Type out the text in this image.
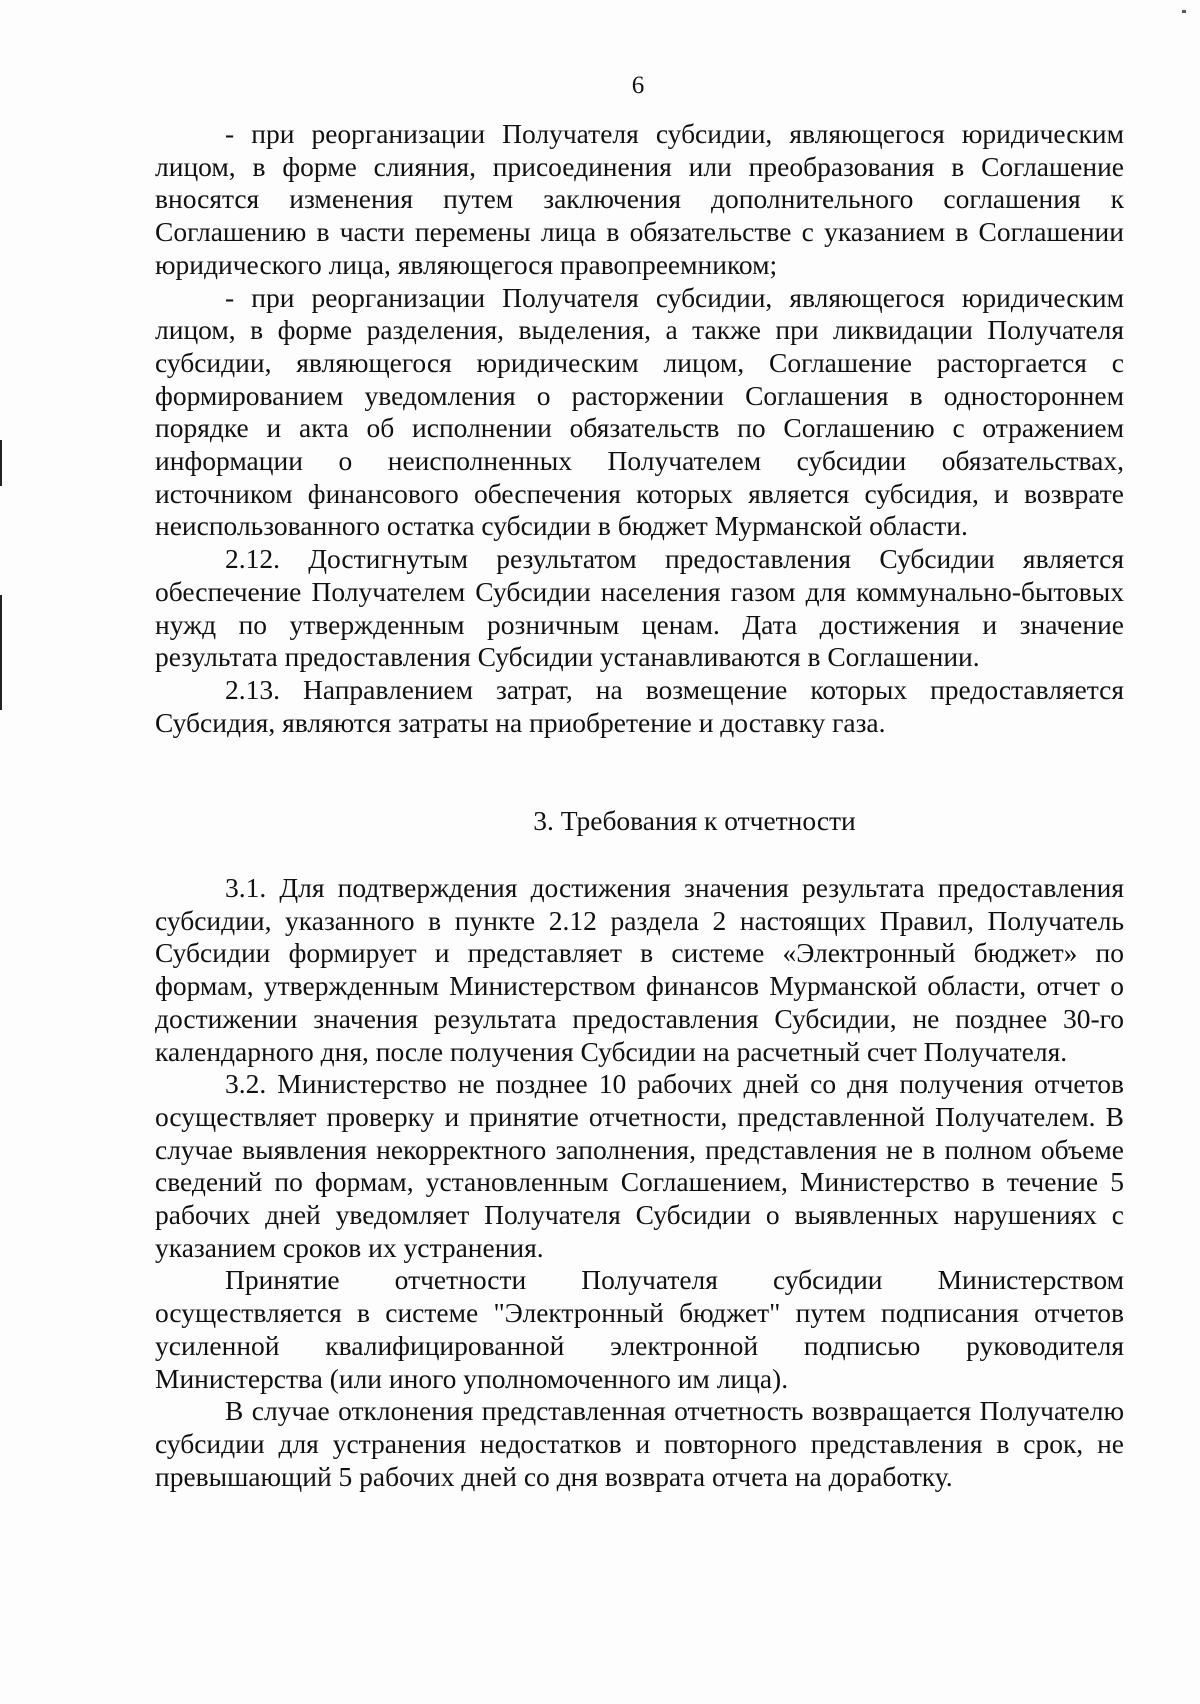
6

- при реорганизации Получателя субсидии, являющегося юридическим лицом, в форме слияния, присоединения или преобразования в Соглашение вносятся изменения путем заключения дополнительного соглашения к Соглашению в части перемены лица в обязательстве с указанием в Соглашении юридического лица, являющегося правопреемником;

- при реорганизации Получателя субсидии, являющегося юридическим лицом, в форме разделения, выделения, а также при ликвидации Получателя субсидии, являющегося юридическим лицом, Соглашение расторгается с формированием уведомления о расторжении Соглашения в одностороннем порядке и акта об исполнении обязательств по Соглашению с отражением информации о неисполненных Получателем субсидии обязательствах, источником финансового обеспечения которых является субсидия, и возврате неиспользованного остатка субсидии в бюджет Мурманской области.

2.12. Достигнутым результатом предоставления Субсидии является обеспечение Получателем Субсидии населения газом для коммунально-бытовых нужд по утвержденным розничным ценам. Дата достижения и значение результата предоставления Субсидии устанавливаются в Соглашении.

2.13. Направлением затрат, на возмещение которых предоставляется Субсидия, являются затраты на приобретение и доставку газа.

3. Требования к отчетности

3.1. Для подтверждения достижения значения результата предоставления субсидии, указанного в пункте 2.12 раздела 2 настоящих Правил, Получатель Субсидии формирует и представляет в системе «Электронный бюджет» по формам, утвержденным Министерством финансов Мурманской области, отчет о достижении значения результата предоставления Субсидии, не позднее 30-го календарного дня, после получения Субсидии на расчетный счет Получателя.

3.2. Министерство не позднее 10 рабочих дней со дня получения отчетов осуществляет проверку и принятие отчетности, представленной Получателем. В случае выявления некорректного заполнения, представления не в полном объеме сведений по формам, установленным Соглашением, Министерство в течение 5 рабочих дней уведомляет Получателя Субсидии о выявленных нарушениях с указанием сроков их устранения.

Принятие отчетности Получателя субсидии Министерством осуществляется в системе "Электронный бюджет" путем подписания отчетов усиленной квалифицированной электронной подписью руководителя Министерства (или иного уполномоченного им лица).

В случае отклонения представленная отчетность возвращается Получателю субсидии для устранения недостатков и повторного представления в срок, не превышающий 5 рабочих дней со дня возврата отчета на доработку.
